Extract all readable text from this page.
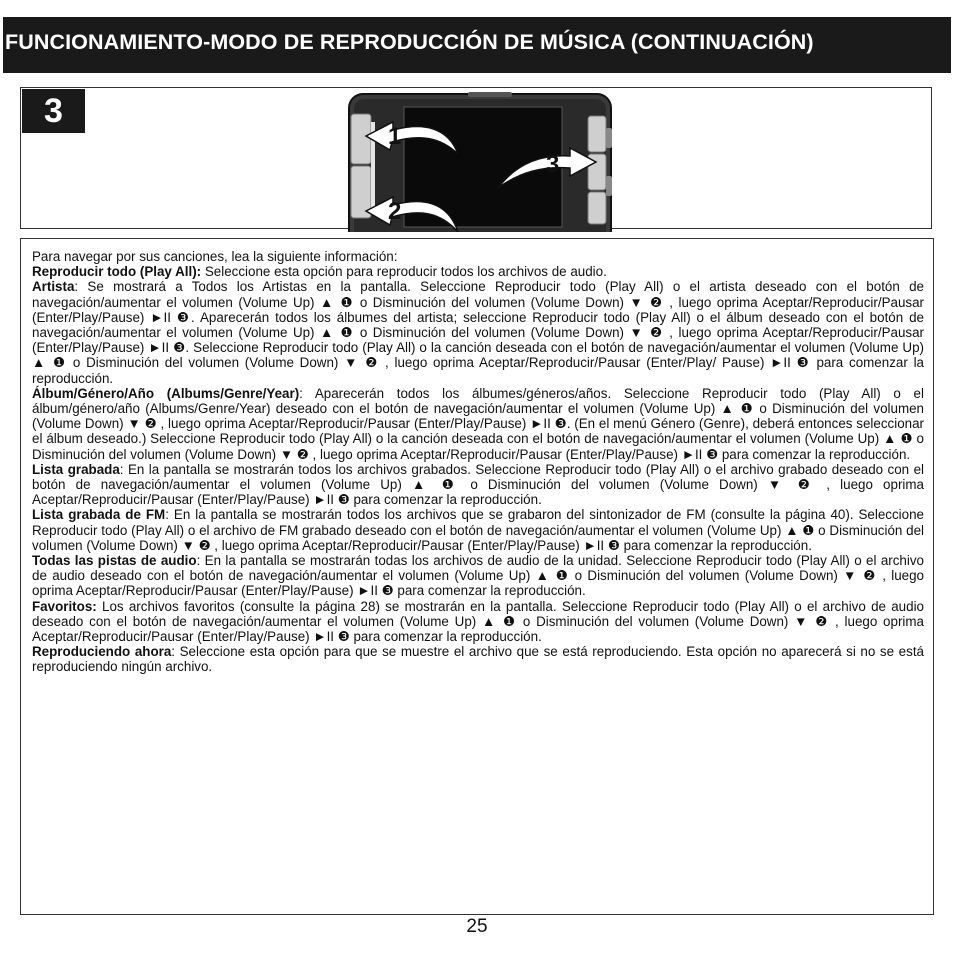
FUNCIONAMIENTO-MODO DE REPRODUCCIÓN DE MÚSICA (CONTINUACIÓN)
3
1
2
3

Para navegar por sus canciones, lea la siguiente información:

Reproducir todo (Play All): Seleccione esta opción para reproducir todos los archivos de audio.

Artista: Se mostrará a Todos los Artistas en la pantalla. Seleccione Reproducir todo (Play All) o el artista deseado con el botón de navegación/aumentar el volumen (Volume Up) ▲ ❶ o Disminución del volumen (Volume Down) ▼ ❷ , luego oprima Aceptar/Reproducir/Pausar (Enter/Play/Pause) ►II ❸. Aparecerán todos los álbumes del artista; seleccione Reproducir todo (Play All) o el álbum deseado con el botón de navegación/aumentar el volumen (Volume Up) ▲ ❶ o Disminución del volumen (Volume Down) ▼ ❷ , luego oprima Aceptar/Reproducir/Pausar (Enter/Play/Pause) ►II ❸. Seleccione Reproducir todo (Play All) o la canción deseada con el botón de navegación/aumentar el volumen (Volume Up) ▲ ❶ o Disminución del volumen (Volume Down) ▼ ❷ , luego oprima Aceptar/Reproducir/Pausar (Enter/Play/ Pause) ►II ❸ para comenzar la reproducción.

Álbum/Género/Año (Albums/Genre/Year): Aparecerán todos los álbumes/géneros/años. Seleccione Reproducir todo (Play All) o el álbum/género/año (Albums/Genre/Year) deseado con el botón de navegación/aumentar el volumen (Volume Up) ▲ ❶ o Disminución del volumen (Volume Down) ▼ ❷ , luego oprima Aceptar/Reproducir/Pausar (Enter/Play/Pause) ►II ❸. (En el menú Género (Genre), deberá entonces seleccionar el álbum deseado.) Seleccione Reproducir todo (Play All) o la canción deseada con el botón de navegación/aumentar el volumen (Volume Up) ▲ ❶ o Disminución del volumen (Volume Down) ▼ ❷ , luego oprima Aceptar/Reproducir/Pausar (Enter/Play/Pause) ►II ❸ para comenzar la reproducción.

Lista grabada: En la pantalla se mostrarán todos los archivos grabados. Seleccione Reproducir todo (Play All) o el archivo grabado deseado con el botón de navegación/aumentar el volumen (Volume Up) ▲ ❶ o Disminución del volumen (Volume Down) ▼ ❷ , luego oprima Aceptar/Reproducir/Pausar (Enter/Play/Pause) ►II ❸ para comenzar la reproducción.

Lista grabada de FM: En la pantalla se mostrarán todos los archivos que se grabaron del sintonizador de FM (consulte la página 40). Seleccione Reproducir todo (Play All) o el archivo de FM grabado deseado con el botón de navegación/aumentar el volumen (Volume Up) ▲ ❶ o Disminución del volumen (Volume Down) ▼ ❷ , luego oprima Aceptar/Reproducir/Pausar (Enter/Play/Pause) ►II ❸ para comenzar la reproducción.

Todas las pistas de audio: En la pantalla se mostrarán todas los archivos de audio de la unidad. Seleccione Reproducir todo (Play All) o el archivo de audio deseado con el botón de navegación/aumentar el volumen (Volume Up) ▲ ❶ o Disminución del volumen (Volume Down) ▼ ❷ , luego oprima Aceptar/Reproducir/Pausar (Enter/Play/Pause) ►II ❸ para comenzar la reproducción.

Favoritos: Los archivos favoritos (consulte la página 28) se mostrarán en la pantalla. Seleccione Reproducir todo (Play All) o el archivo de audio deseado con el botón de navegación/aumentar el volumen (Volume Up) ▲ ❶ o Disminución del volumen (Volume Down) ▼ ❷ , luego oprima Aceptar/Reproducir/Pausar (Enter/Play/Pause) ►II ❸ para comenzar la reproducción.

Reproduciendo ahora: Seleccione esta opción para que se muestre el archivo que se está reproduciendo. Esta opción no aparecerá si no se está reproduciendo ningún archivo.

25
